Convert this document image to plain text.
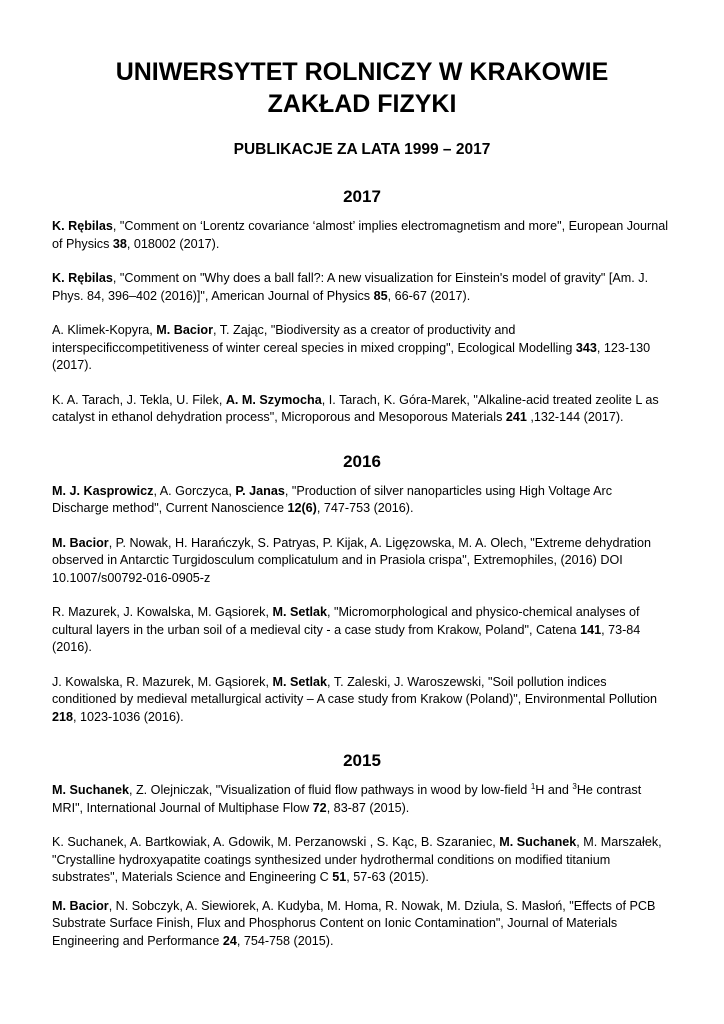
UNIWERSYTET ROLNICZY W KRAKOWIE
ZAKŁAD FIZYKI
PUBLIKACJE ZA LATA 1999 – 2017
2017

K. Rębilas, "Comment on ‘Lorentz covariance ‘almost’ implies electromagnetism and more", European Journal of Physics 38, 018002 (2017).

K. Rębilas, "Comment on "Why does a ball fall?: A new visualization for Einstein's model of gravity" [Am. J. Phys. 84, 396–402 (2016)]", American Journal of Physics 85, 66-67 (2017).

A. Klimek-Kopyra, M. Bacior, T. Zając, "Biodiversity as a creator of productivity and interspecificcompetitiveness of winter cereal species in mixed cropping", Ecological Modelling 343, 123-130 (2017).

K. A. Tarach, J. Tekla, U. Filek, A. M. Szymocha, I. Tarach, K. Góra-Marek, "Alkaline-acid treated zeolite L as catalyst in ethanol dehydration process", Microporous and Mesoporous Materials 241 ,132-144 (2017).

2016

M. J. Kasprowicz, A. Gorczyca, P. Janas, "Production of silver nanoparticles using High Voltage Arc Discharge method", Current Nanoscience 12(6), 747-753 (2016).

M. Bacior, P. Nowak, H. Harańczyk, S. Patryas, P. Kijak, A. Ligęzowska, M. A. Olech, "Extreme dehydration observed in Antarctic Turgidosculum complicatulum and in Prasiola crispa", Extremophiles, (2016) DOI 10.1007/s00792-016-0905-z

R. Mazurek, J. Kowalska, M. Gąsiorek, M. Setlak, "Micromorphological and physico-chemical analyses of cultural layers in the urban soil of a medieval city - a case study from Krakow, Poland", Catena 141, 73-84 (2016).

J. Kowalska, R. Mazurek, M. Gąsiorek, M. Setlak, T. Zaleski, J. Waroszewski, "Soil pollution indices conditioned by medieval metallurgical activity – A case study from Krakow (Poland)", Environmental Pollution 218, 1023-1036 (2016).

2015

M. Suchanek, Z. Olejniczak, "Visualization of fluid flow pathways in wood by low-field $^1$H and $^3$He contrast MRI", International Journal of Multiphase Flow 72, 83-87 (2015).

K. Suchanek, A. Bartkowiak, A. Gdowik, M. Perzanowski , S. Kąc, B. Szaraniec, M. Suchanek, M. Marszałek, "Crystalline hydroxyapatite coatings synthesized under hydrothermal conditions on modified titanium substrates", Materials Science and Engineering C 51, 57-63 (2015).

M. Bacior, N. Sobczyk, A. Siewiorek, A. Kudyba, M. Homa, R. Nowak, M. Dziula, S. Masłoń, "Effects of PCB Substrate Surface Finish, Flux and Phosphorus Content on Ionic Contamination", Journal of Materials Engineering and Performance 24, 754-758 (2015).
